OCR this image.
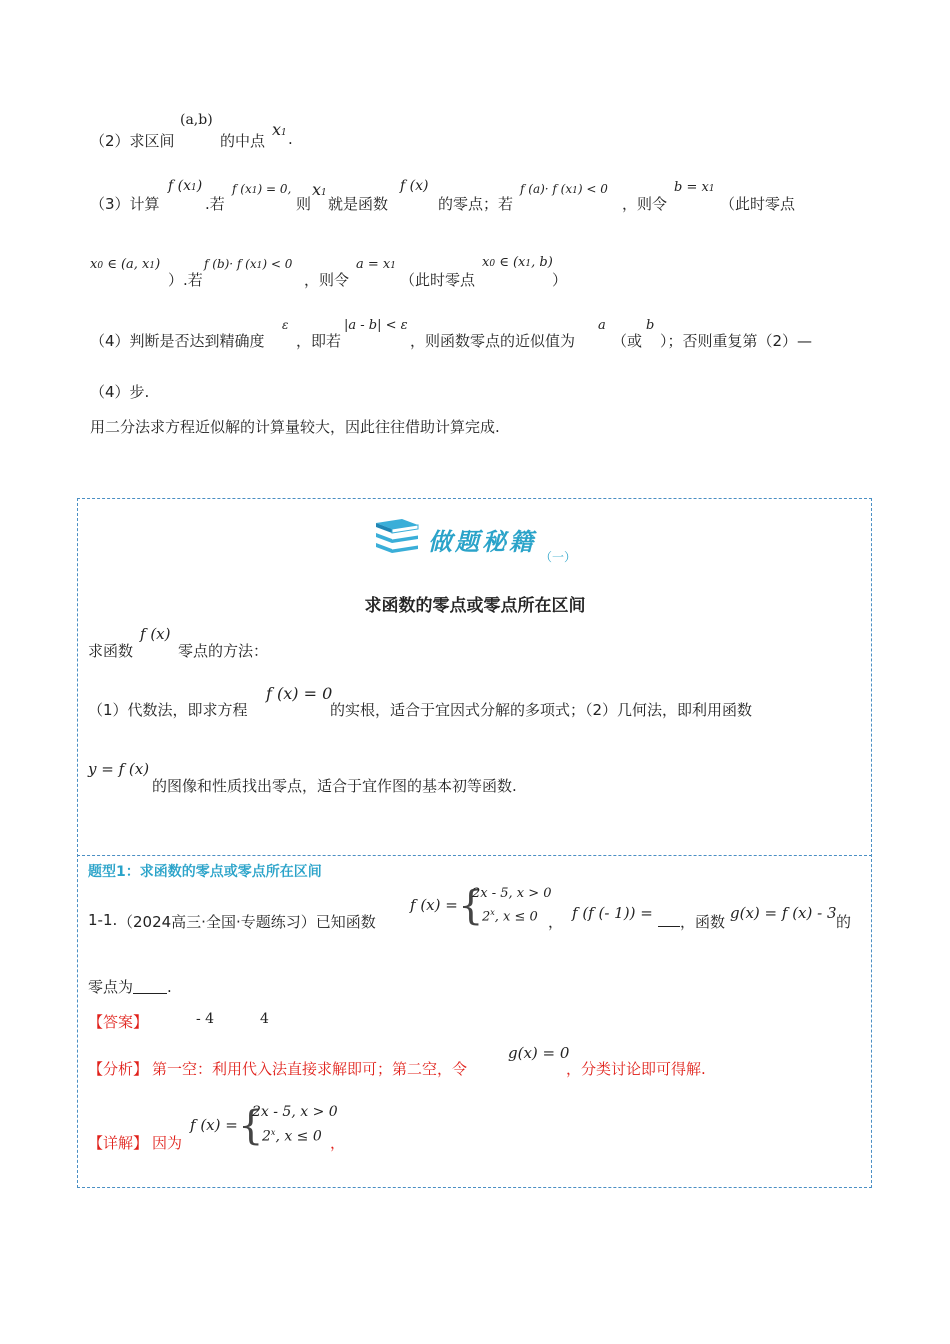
（2）求区间
(a,b)
的中点
x1 .
（3）计算
f (x1)
.若
f (x1) = 0,
则
x1
就是函数
f (x)
的零点；若
f (a)· f (x1) < 0
，则令
b = x1
（此时零点
x0 ∈ (a, x1)
）.若
f (b)· f (x1) < 0
，则令
a = x1
（此时零点
x0 ∈ (x1, b)
）
（4）判断是否达到精确度
ε
，即若
|a - b| < ε
，则函数零点的近似值为
a
（或
b
）；否则重复第（2）—
（4）步.
用二分法求方程近似解的计算量较大，因此往往借助计算完成.
做题秘籍
（一）
求函数的零点或零点所在区间
求函数
f (x)
零点的方法：
（1）代数法，即求方程
f (x) = 0
的实根，适合于宜因式分解的多项式；（2）几何法，即利用函数
y = f (x)
的图像和性质找出零点，适合于宜作图的基本初等函数.
题型1：求函数的零点或零点所在区间
1-1. （2024高三·全国·专题练习）已知函数
f (x) = {
2x - 5, x > 0
2$^x$, x ≤ 0 ， f (f (- 1)) = ，函数 g(x) = f (x) - 3 的
零点为 .
【答案】	- 4	4
【分析】 第一空：利用代入法直接求解即可；第二空，令
g(x) = 0
，分类讨论即可得解.
【详解】 因为
f (x) = {
2x - 5, x > 0
2$^x$, x ≤ 0 ，
